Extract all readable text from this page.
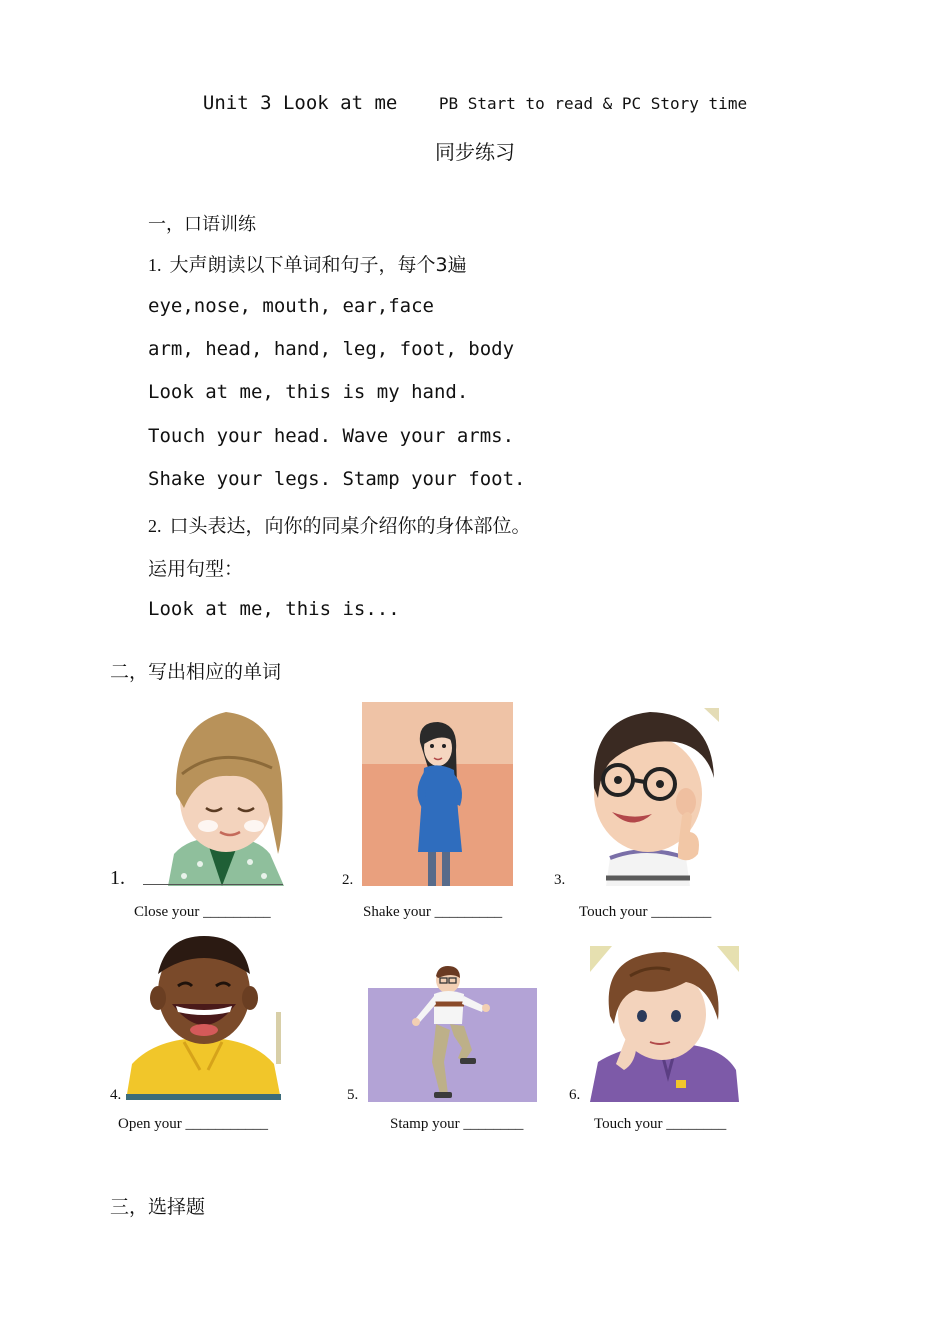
Unit 3 Look at me	PB Start to read & PC Story time
同步练习
一，口语训练
1. 大声朗读以下单词和句子，每个3遍
eye,nose, mouth, ear,face
arm, head, hand, leg, foot, body
Look at me, this is my hand.
Touch your head. Wave your arms.
Shake your legs. Stamp your foot.
2. 口头表达，向你的同桌介绍你的身体部位。
运用句型：
Look at me, this is...
二，写出相应的单词
1.
Close your _________
2.
Shake your _________
3.
Touch your ________
4.
Open your ___________
5.
Stamp your ________
6.
Touch your ________
三，选择题
